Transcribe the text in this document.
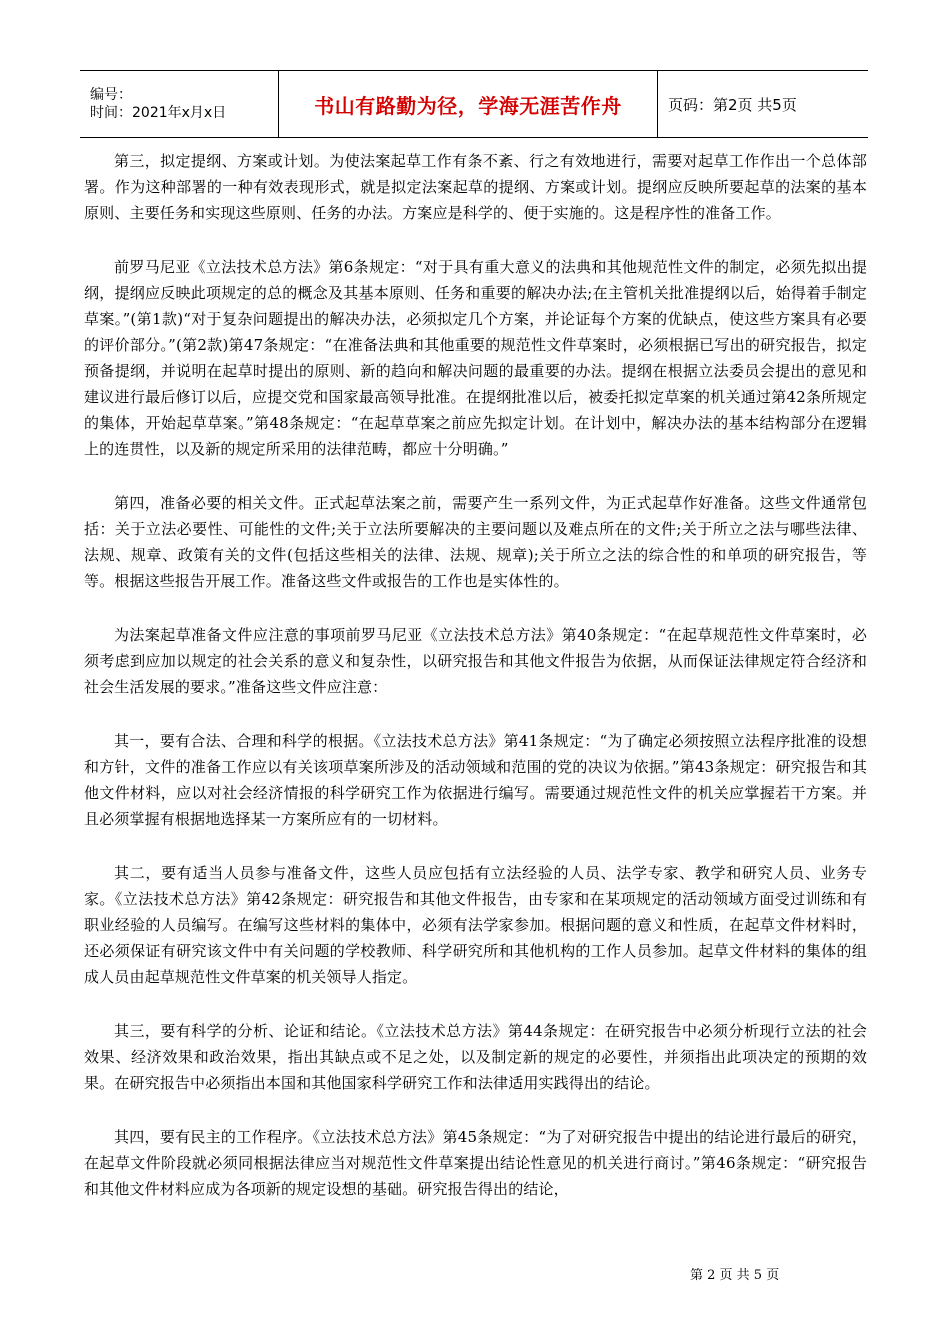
编号：
时间：2021年x月x日	书山有路勤为径，学海无涯苦作舟	页码：第2页 共5页

第三，拟定提纲、方案或计划。为使法案起草工作有条不紊、行之有效地进行，需要对起草工作作出一个总体部署。作为这种部署的一种有效表现形式，就是拟定法案起草的提纲、方案或计划。提纲应反映所要起草的法案的基本原则、主要任务和实现这些原则、任务的办法。方案应是科学的、便于实施的。这是程序性的准备工作。

前罗马尼亚《立法技术总方法》第6条规定：“对于具有重大意义的法典和其他规范性文件的制定，必须先拟出提纲，提纲应反映此项规定的总的概念及其基本原则、任务和重要的解决办法;在主管机关批准提纲以后，始得着手制定草案。”(第1款)“对于复杂问题提出的解决办法，必须拟定几个方案，并论证每个方案的优缺点，使这些方案具有必要的评价部分。”(第2款)第47条规定：“在准备法典和其他重要的规范性文件草案时，必须根据已写出的研究报告，拟定预备提纲，并说明在起草时提出的原则、新的趋向和解决问题的最重要的办法。提纲在根据立法委员会提出的意见和建议进行最后修订以后，应提交党和国家最高领导批准。在提纲批准以后，被委托拟定草案的机关通过第42条所规定的集体，开始起草草案。”第48条规定：“在起草草案之前应先拟定计划。在计划中，解决办法的基本结构部分在逻辑上的连贯性，以及新的规定所采用的法律范畴，都应十分明确。”

第四，准备必要的相关文件。正式起草法案之前，需要产生一系列文件，为正式起草作好准备。这些文件通常包括：关于立法必要性、可能性的文件;关于立法所要解决的主要问题以及难点所在的文件;关于所立之法与哪些法律、法规、规章、政策有关的文件(包括这些相关的法律、法规、规章);关于所立之法的综合性的和单项的研究报告，等等。根据这些报告开展工作。准备这些文件或报告的工作也是实体性的。

为法案起草准备文件应注意的事项前罗马尼亚《立法技术总方法》第40条规定：“在起草规范性文件草案时，必须考虑到应加以规定的社会关系的意义和复杂性，以研究报告和其他文件报告为依据，从而保证法律规定符合经济和社会生活发展的要求。”准备这些文件应注意：

其一，要有合法、合理和科学的根据。《立法技术总方法》第41条规定：“为了确定必须按照立法程序批准的设想和方针，文件的准备工作应以有关该项草案所涉及的活动领域和范围的党的决议为依据。”第43条规定：研究报告和其他文件材料，应以对社会经济情报的科学研究工作为依据进行编写。需要通过规范性文件的机关应掌握若干方案。并且必须掌握有根据地选择某一方案所应有的一切材料。

其二，要有适当人员参与准备文件，这些人员应包括有立法经验的人员、法学专家、教学和研究人员、业务专家。《立法技术总方法》第42条规定：研究报告和其他文件报告，由专家和在某项规定的活动领域方面受过训练和有职业经验的人员编写。在编写这些材料的集体中，必须有法学家参加。根据问题的意义和性质，在起草文件材料时，还必须保证有研究该文件中有关问题的学校教师、科学研究所和其他机构的工作人员参加。起草文件材料的集体的组成人员由起草规范性文件草案的机关领导人指定。

其三，要有科学的分析、论证和结论。《立法技术总方法》第44条规定：在研究报告中必须分析现行立法的社会效果、经济效果和政治效果，指出其缺点或不足之处，以及制定新的规定的必要性，并须指出此项决定的预期的效果。在研究报告中必须指出本国和其他国家科学研究工作和法律适用实践得出的结论。

其四，要有民主的工作程序。《立法技术总方法》第45条规定：“为了对研究报告中提出的结论进行最后的研究，在起草文件阶段就必须同根据法律应当对规范性文件草案提出结论性意见的机关进行商讨。”第46条规定：“研究报告和其他文件材料应成为各项新的规定设想的基础。研究报告得出的结论，

第 2 页 共 5 页
